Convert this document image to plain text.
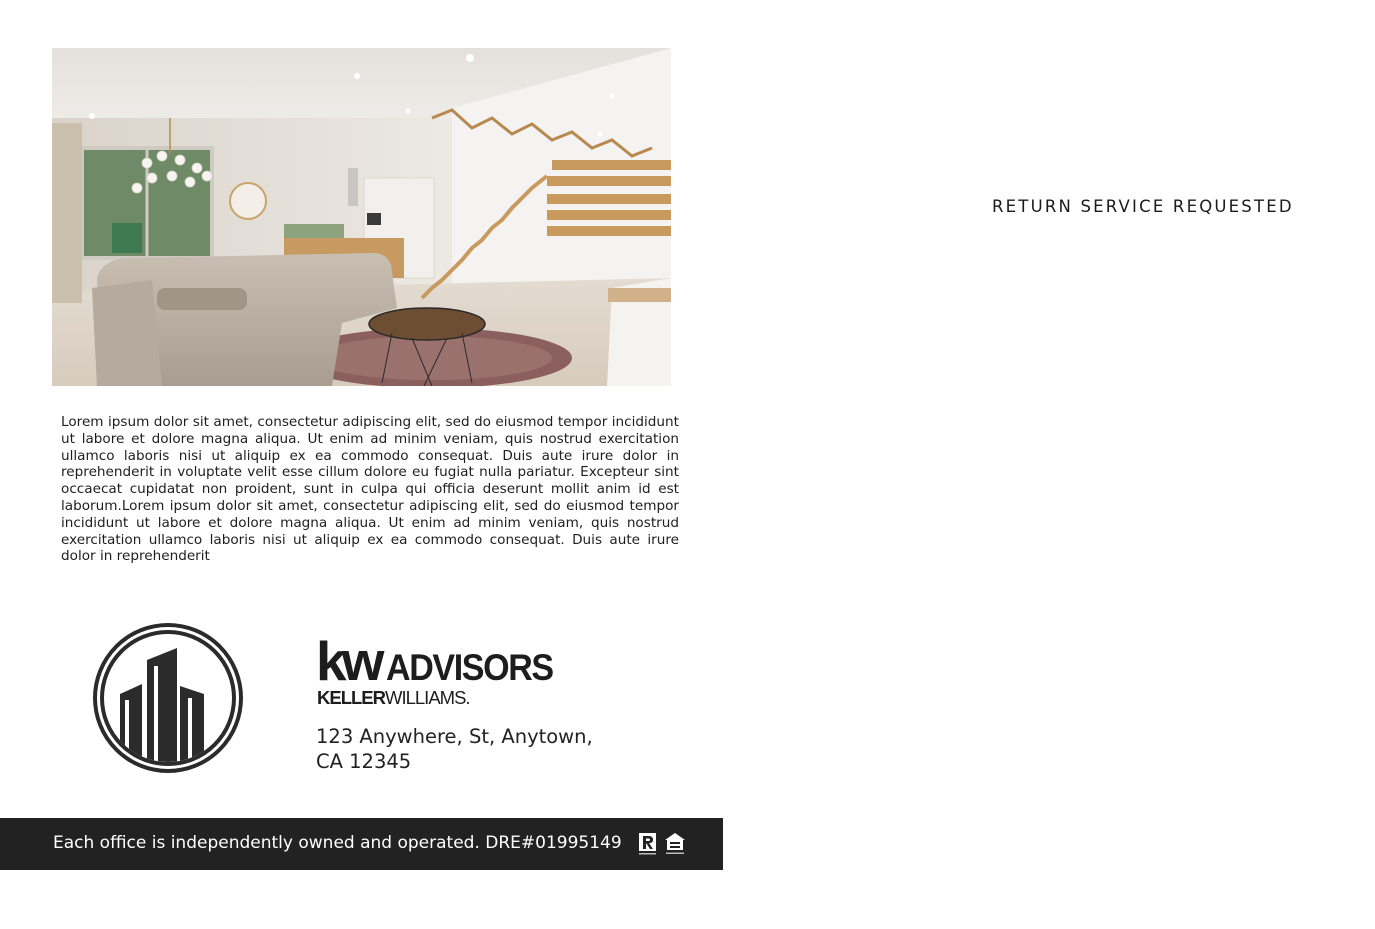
RETURN SERVICE REQUESTED

Lorem ipsum dolor sit amet, consectetur adipiscing elit, sed do eiusmod tempor incididunt ut labore et dolore magna aliqua. Ut enim ad minim veniam, quis nostrud exercitation ullamco laboris nisi ut aliquip ex ea commodo consequat. Duis aute irure dolor in reprehenderit in voluptate velit esse cillum dolore eu fugiat nulla pariatur. Excepteur sint occaecat cupidatat non proident, sunt in culpa qui officia deserunt mollit anim id est laborum.Lorem ipsum dolor sit amet, consectetur adipiscing elit, sed do eiusmod tempor incididunt ut labore et dolore magna aliqua. Ut enim ad minim veniam, quis nostrud exercitation ullamco laboris nisi ut aliquip ex ea commodo consequat. Duis aute irure dolor in reprehenderit

kw ADVISORS
KELLERWILLIAMS.
123 Anywhere, St, Anytown,
CA 12345
Each office is independently owned and operated. DRE#01995149
